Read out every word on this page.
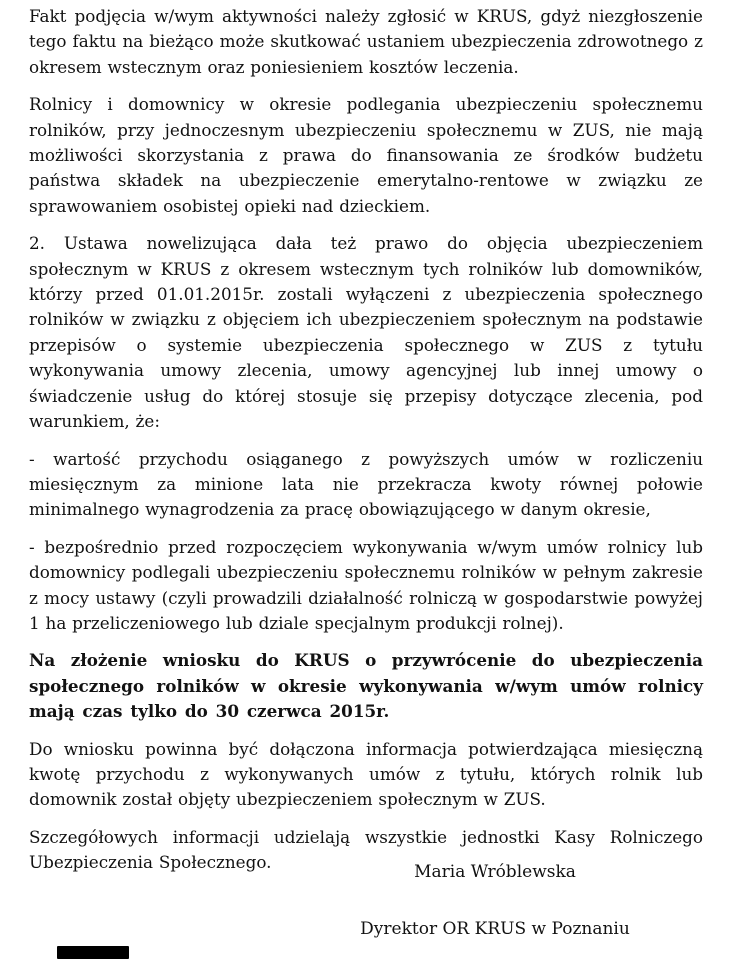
Fakt podjęcia w/wym aktywności należy zgłosić w KRUS, gdyż niezgłoszenie tego faktu na bieżąco może skutkować ustaniem ubezpieczenia zdrowotnego z okresem wstecznym oraz poniesieniem kosztów leczenia.

Rolnicy i domownicy w okresie podlegania ubezpieczeniu społecznemu rolników, przy jednoczesnym ubezpieczeniu społecznemu w ZUS, nie mają możliwości skorzystania z prawa do finansowania ze środków budżetu państwa składek na ubezpieczenie emerytalno-rentowe w związku ze sprawowaniem osobistej opieki nad dzieckiem.

2. Ustawa nowelizująca dała też prawo do objęcia ubezpieczeniem społecznym w KRUS z okresem wstecznym tych rolników lub domowników, którzy przed 01.01.2015r. zostali wyłączeni z ubezpieczenia społecznego rolników w związku z objęciem ich ubezpieczeniem społecznym na podstawie przepisów o systemie ubezpieczenia społecznego w ZUS z tytułu wykonywania umowy zlecenia, umowy agencyjnej lub innej umowy o świadczenie usług do której stosuje się przepisy dotyczące zlecenia, pod warunkiem, że:

- wartość przychodu osiąganego z powyższych umów w rozliczeniu miesięcznym za minione lata nie przekracza kwoty równej połowie minimalnego wynagrodzenia za pracę obowiązującego w danym okresie,

- bezpośrednio przed rozpoczęciem wykonywania w/wym umów rolnicy lub domownicy podlegali ubezpieczeniu społecznemu rolników w pełnym zakresie z mocy ustawy (czyli prowadzili działalność rolniczą w gospodarstwie powyżej 1 ha przeliczeniowego lub dziale specjalnym produkcji rolnej).

Na złożenie wniosku do KRUS o przywrócenie do ubezpieczenia społecznego rolników w okresie wykonywania w/wym umów rolnicy mają czas tylko do 30 czerwca 2015r.

Do wniosku powinna być dołączona informacja potwierdzająca miesięczną kwotę przychodu z wykonywanych umów z tytułu, których rolnik lub domownik został objęty ubezpieczeniem społecznym w ZUS.

Szczegółowych informacji udzielają wszystkie jednostki Kasy Rolniczego Ubezpieczenia Społecznego.	Maria Wróblewska

Dyrektor OR KRUS w Poznaniu
